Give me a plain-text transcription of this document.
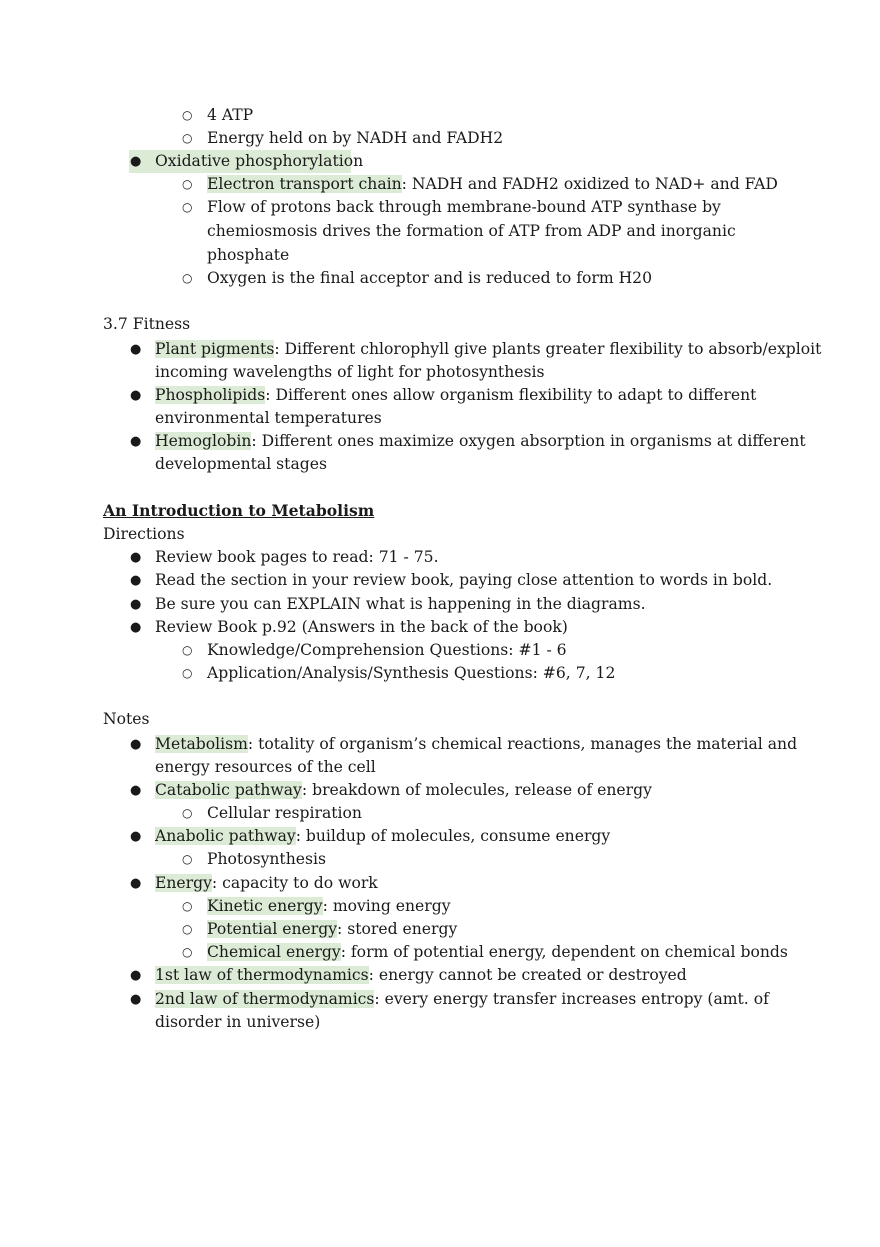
○ 4 ATP
○ Energy held on by NADH and FADH2
● Oxidative phosphorylation
○ Electron transport chain: NADH and FADH2 oxidized to NAD+ and FAD
○ Flow of protons back through membrane-bound ATP synthase by
chemiosmosis drives the formation of ATP from ADP and inorganic
phosphate
○ Oxygen is the final acceptor and is reduced to form H20
3.7 Fitness
● Plant pigments: Different chlorophyll give plants greater flexibility to absorb/exploit
incoming wavelengths of light for photosynthesis
● Phospholipids: Different ones allow organism flexibility to adapt to different
environmental temperatures
● Hemoglobin: Different ones maximize oxygen absorption in organisms at different
developmental stages
An Introduction to Metabolism
Directions
● Review book pages to read: 71 - 75.
● Read the section in your review book, paying close attention to words in bold.
● Be sure you can EXPLAIN what is happening in the diagrams.
● Review Book p.92 (Answers in the back of the book)
○ Knowledge/Comprehension Questions: #1 - 6
○ Application/Analysis/Synthesis Questions: #6, 7, 12
Notes
● Metabolism: totality of organism’s chemical reactions, manages the material and
energy resources of the cell
● Catabolic pathway: breakdown of molecules, release of energy
○ Cellular respiration
● Anabolic pathway: buildup of molecules, consume energy
○ Photosynthesis
● Energy: capacity to do work
○ Kinetic energy: moving energy
○ Potential energy: stored energy
○ Chemical energy: form of potential energy, dependent on chemical bonds
● 1st law of thermodynamics: energy cannot be created or destroyed
● 2nd law of thermodynamics: every energy transfer increases entropy (amt. of
disorder in universe)
